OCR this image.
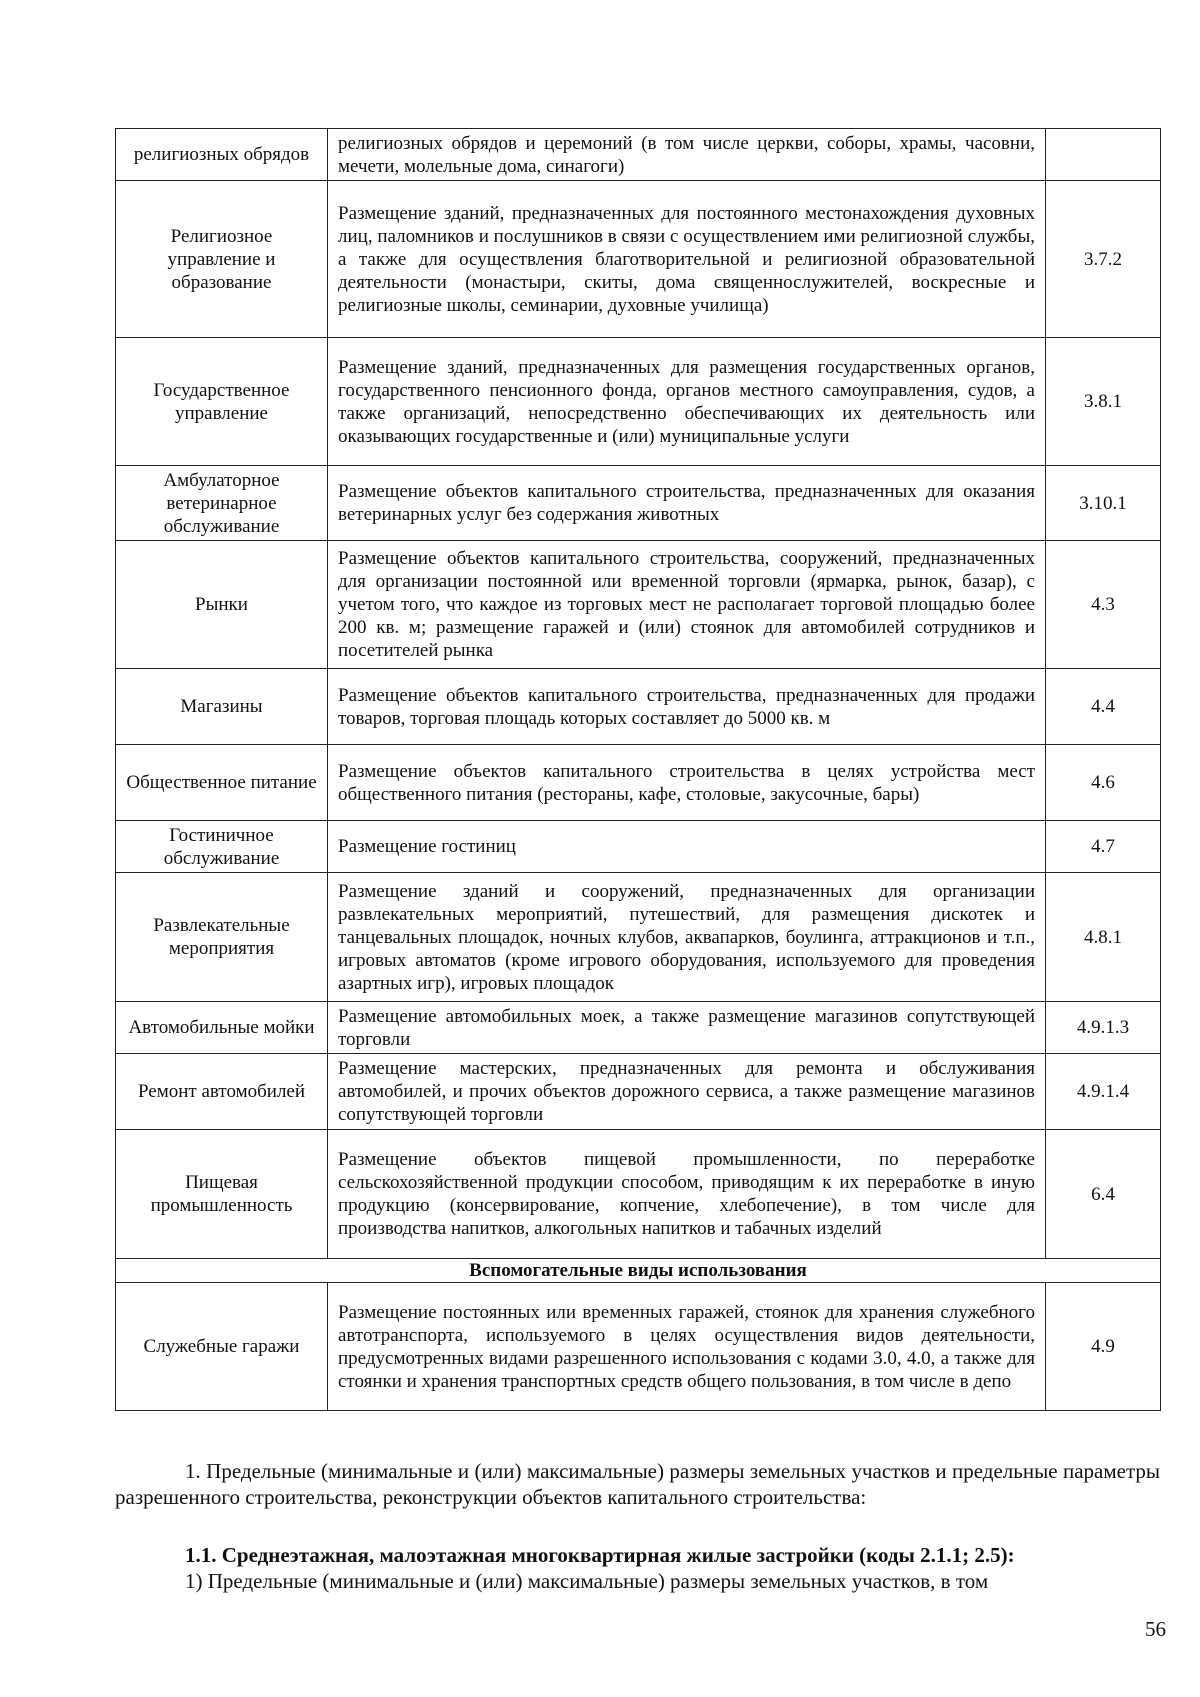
религиозных обрядов	религиозных обрядов и церемоний (в том числе церкви, соборы, храмы, часовни, мечети, молельные дома, синагоги)	
Религиозное управление и образование	Размещение зданий, предназначенных для постоянного местонахождения духовных лиц, паломников и послушников в связи с осуществлением ими религиозной службы, а также для осуществления благотворительной и религиозной образовательной деятельности (монастыри, скиты, дома священнослужителей, воскресные и религиозные школы, семинарии, духовные училища)	3.7.2
Государственное управление	Размещение зданий, предназначенных для размещения государственных органов, государственного пенсионного фонда, органов местного самоуправления, судов, а также организаций, непосредственно обеспечивающих их деятельность или оказывающих государственные и (или) муниципальные услуги	3.8.1
Амбулаторное ветеринарное обслуживание	Размещение объектов капитального строительства, предназначенных для оказания ветеринарных услуг без содержания животных	3.10.1
Рынки	Размещение объектов капитального строительства, сооружений, предназначенных для организации постоянной или временной торговли (ярмарка, рынок, базар), с учетом того, что каждое из торговых мест не располагает торговой площадью более 200 кв. м; размещение гаражей и (или) стоянок для автомобилей сотрудников и посетителей рынка	4.3
Магазины	Размещение объектов капитального строительства, предназначенных для продажи товаров, торговая площадь которых составляет до 5000 кв. м	4.4
Общественное питание	Размещение объектов капитального строительства в целях устройства мест общественного питания (рестораны, кафе, столовые, закусочные, бары)	4.6
Гостиничное обслуживание	Размещение гостиниц	4.7
Развлекательные мероприятия	Размещение зданий и сооружений, предназначенных для организации развлекательных мероприятий, путешествий, для размещения дискотек и танцевальных площадок, ночных клубов, аквапарков, боулинга, аттракционов и т.п., игровых автоматов (кроме игрового оборудования, используемого для проведения азартных игр), игровых площадок	4.8.1
Автомобильные мойки	Размещение автомобильных моек, а также размещение магазинов сопутствующей торговли	4.9.1.3
Ремонт автомобилей	Размещение мастерских, предназначенных для ремонта и обслуживания автомобилей, и прочих объектов дорожного сервиса, а также размещение магазинов сопутствующей торговли	4.9.1.4
Пищевая промышленность	Размещение объектов пищевой промышленности, по переработке сельскохозяйственной продукции способом, приводящим к их переработке в иную продукцию (консервирование, копчение, хлебопечение), в том числе для производства напитков, алкогольных напитков и табачных изделий	6.4
Вспомогательные виды использования		
Служебные гаражи	Размещение постоянных или временных гаражей, стоянок для хранения служебного автотранспорта, используемого в целях осуществления видов деятельности, предусмотренных видами разрешенного использования с кодами 3.0, 4.0, а также для стоянки и хранения транспортных средств общего пользования, в том числе в депо	4.9
1. Предельные (минимальные и (или) максимальные) размеры земельных участков и предельные параметры разрешенного строительства, реконструкции объектов капитального строительства:
1.1. Среднеэтажная, малоэтажная многоквартирная жилые застройки (коды 2.1.1; 2.5):
1) Предельные (минимальные и (или) максимальные) размеры земельных участков, в том
56
